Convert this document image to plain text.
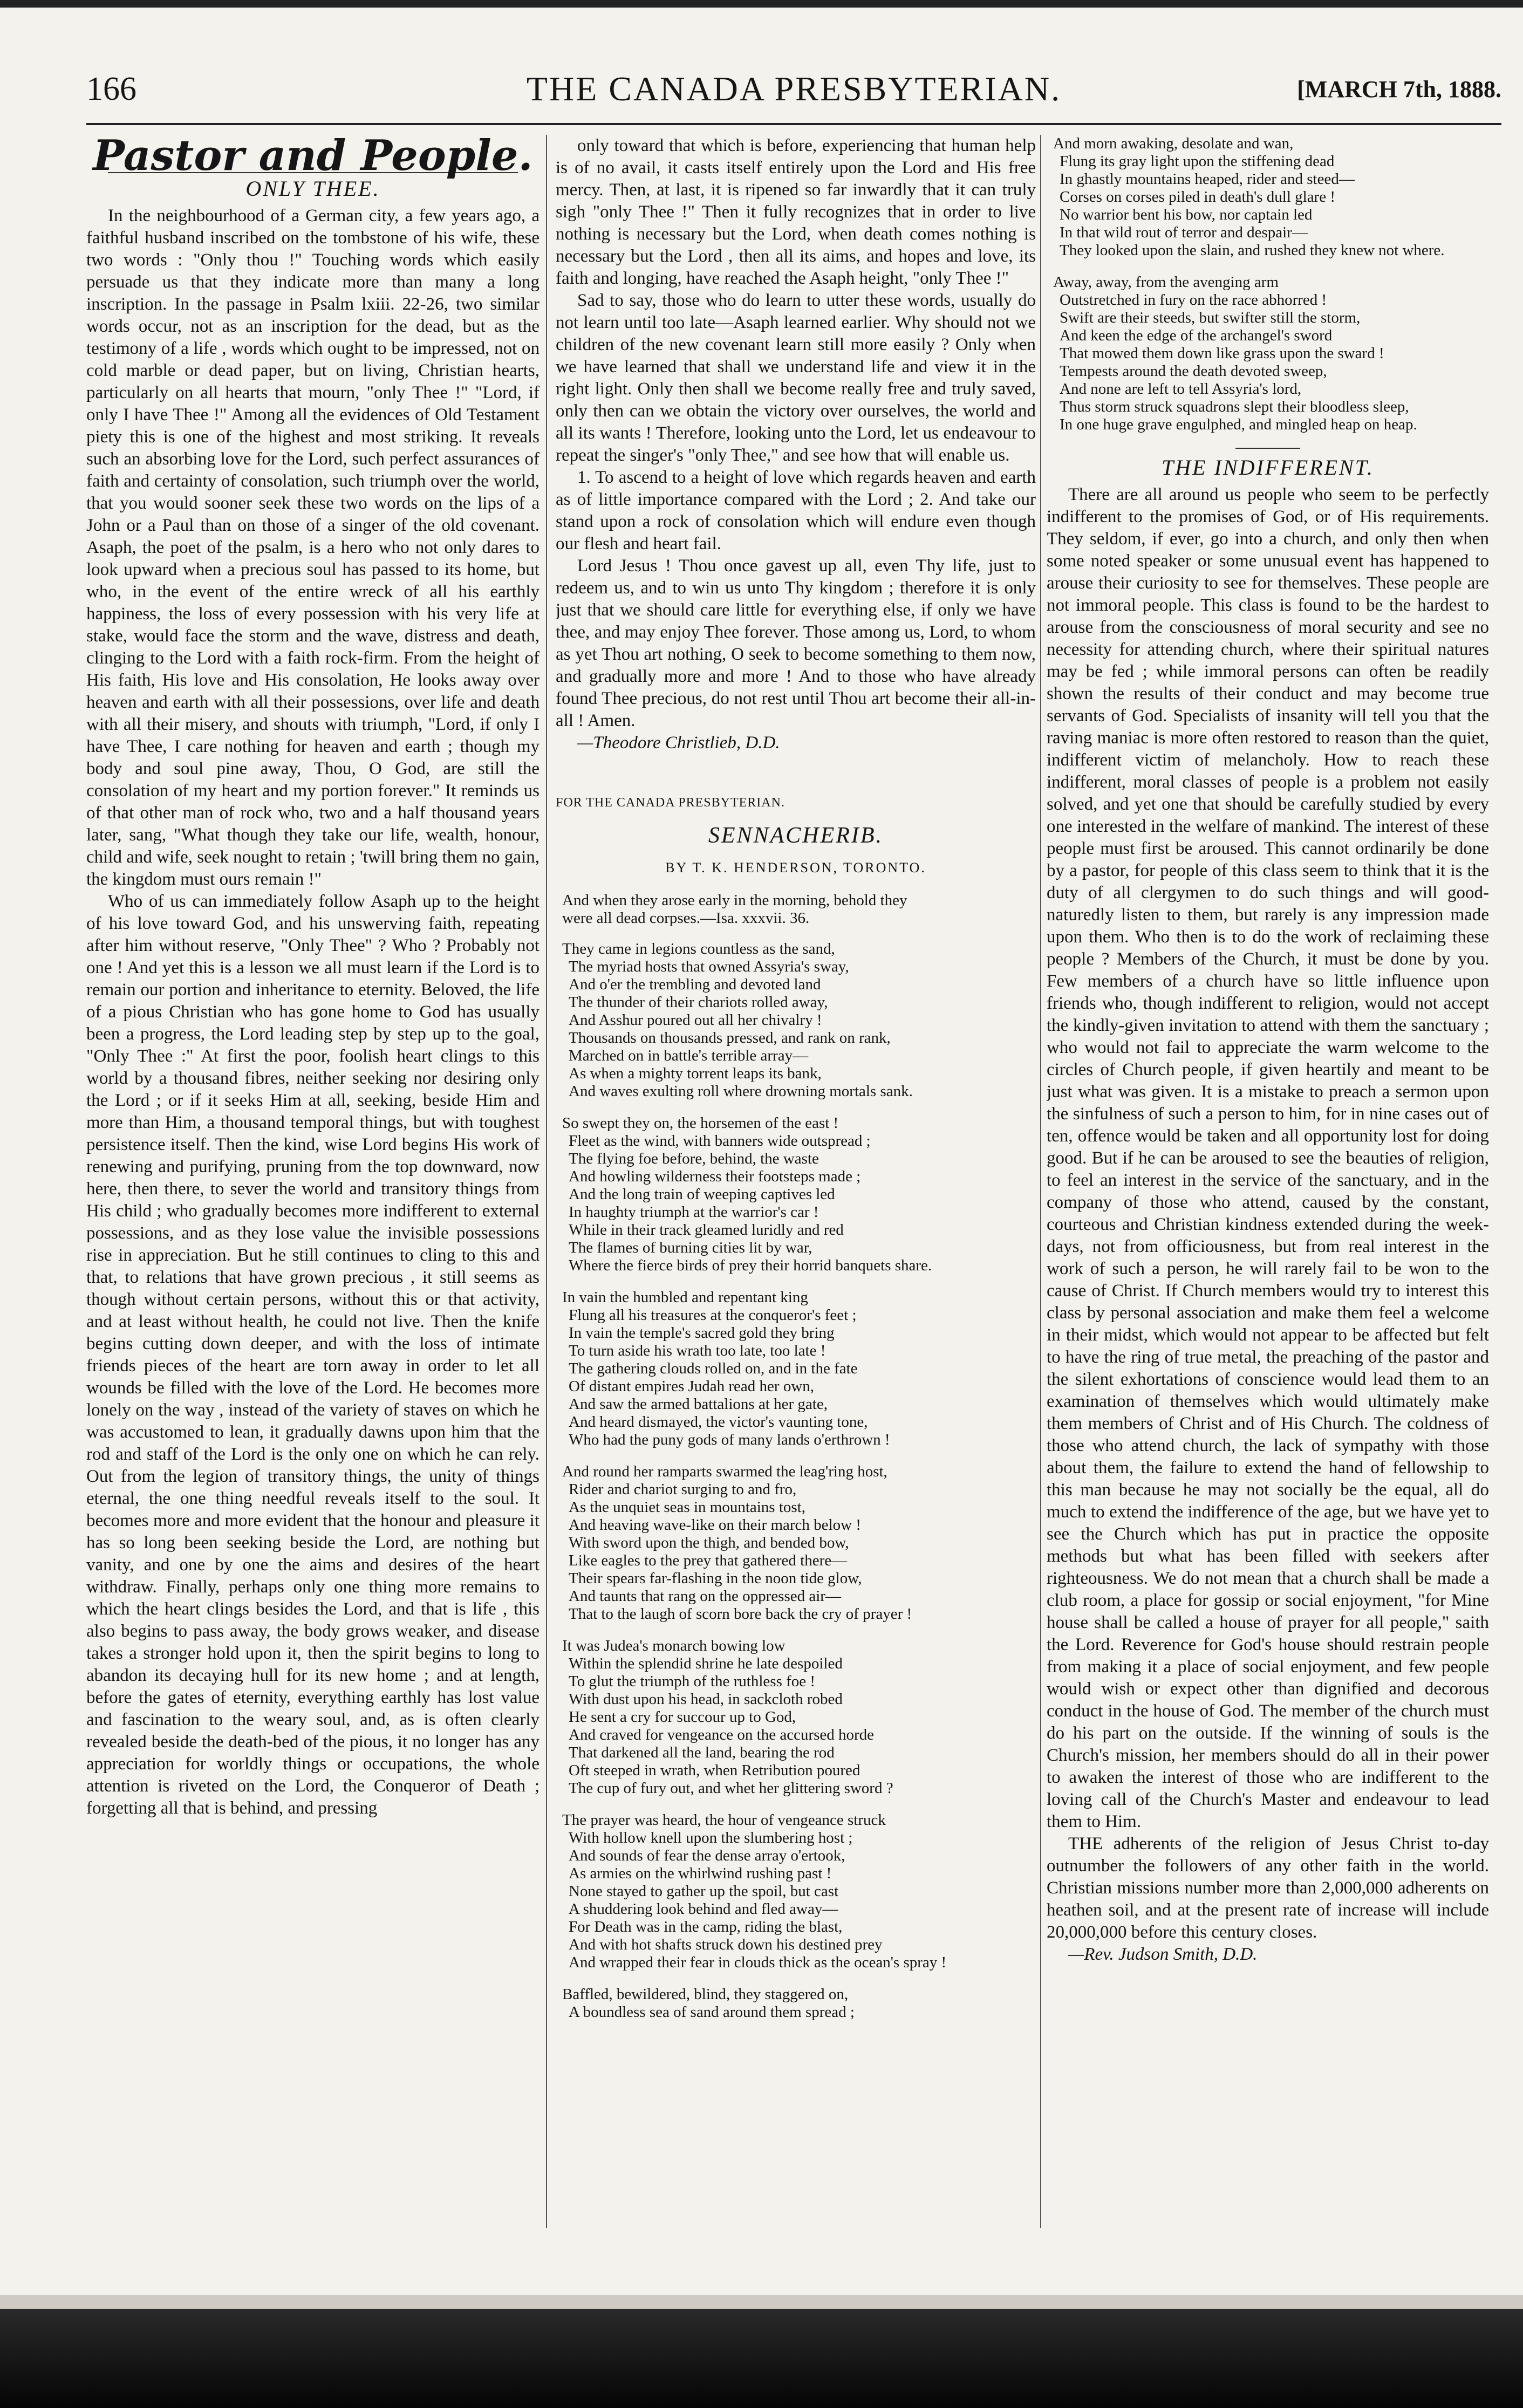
166	THE CANADA PRESBYTERIAN.	[MARCH 7th, 1888.
Pastor and People.
ONLY THEE.

In the neighbourhood of a German city, a few years ago, a faithful husband inscribed on the tombstone of his wife, these two words : "Only thou !" Touching words which easily persuade us that they indicate more than many a long inscription. In the passage in Psalm lxiii. 22-26, two similar words occur, not as an inscription for the dead, but as the testimony of a life , words which ought to be impressed, not on cold marble or dead paper, but on living, Christian hearts, particularly on all hearts that mourn, "only Thee !" "Lord, if only I have Thee !" Among all the evidences of Old Testament piety this is one of the highest and most striking. It reveals such an absorbing love for the Lord, such perfect assurances of faith and certainty of consolation, such triumph over the world, that you would sooner seek these two words on the lips of a John or a Paul than on those of a singer of the old covenant. Asaph, the poet of the psalm, is a hero who not only dares to look upward when a precious soul has passed to its home, but who, in the event of the entire wreck of all his earthly happiness, the loss of every possession with his very life at stake, would face the storm and the wave, distress and death, clinging to the Lord with a faith rock-firm. From the height of His faith, His love and His consolation, He looks away over heaven and earth with all their possessions, over life and death with all their misery, and shouts with triumph, "Lord, if only I have Thee, I care nothing for heaven and earth ; though my body and soul pine away, Thou, O God, are still the consolation of my heart and my portion forever." It reminds us of that other man of rock who, two and a half thousand years later, sang, "What though they take our life, wealth, honour, child and wife, seek nought to retain ; 'twill bring them no gain, the kingdom must ours remain !"

Who of us can immediately follow Asaph up to the height of his love toward God, and his unswerving faith, repeating after him without reserve, "Only Thee" ? Who ? Probably not one ! And yet this is a lesson we all must learn if the Lord is to remain our portion and inheritance to eternity. Beloved, the life of a pious Christian who has gone home to God has usually been a progress, the Lord leading step by step up to the goal, "Only Thee :" At first the poor, foolish heart clings to this world by a thousand fibres, neither seeking nor desiring only the Lord ; or if it seeks Him at all, seeking, beside Him and more than Him, a thousand temporal things, but with toughest persistence itself. Then the kind, wise Lord begins His work of renewing and purifying, pruning from the top downward, now here, then there, to sever the world and transitory things from His child ; who gradually becomes more indifferent to external possessions, and as they lose value the invisible possessions rise in appreciation. But he still continues to cling to this and that, to relations that have grown precious , it still seems as though without certain persons, without this or that activity, and at least without health, he could not live. Then the knife begins cutting down deeper, and with the loss of intimate friends pieces of the heart are torn away in order to let all wounds be filled with the love of the Lord. He becomes more lonely on the way , instead of the variety of staves on which he was accustomed to lean, it gradually dawns upon him that the rod and staff of the Lord is the only one on which he can rely. Out from the legion of transitory things, the unity of things eternal, the one thing needful reveals itself to the soul. It becomes more and more evident that the honour and pleasure it has so long been seeking beside the Lord, are nothing but vanity, and one by one the aims and desires of the heart withdraw. Finally, perhaps only one thing more remains to which the heart clings besides the Lord, and that is life , this also begins to pass away, the body grows weaker, and disease takes a stronger hold upon it, then the spirit begins to long to abandon its decaying hull for its new home ; and at length, before the gates of eternity, everything earthly has lost value and fascination to the weary soul, and, as is often clearly revealed beside the death-bed of the pious, it no longer has any appreciation for worldly things or occupations, the whole attention is riveted on the Lord, the Conqueror of Death ; forgetting all that is behind, and pressing

only toward that which is before, experiencing that human help is of no avail, it casts itself entirely upon the Lord and His free mercy. Then, at last, it is ripened so far inwardly that it can truly sigh "only Thee !" Then it fully recognizes that in order to live nothing is necessary but the Lord, when death comes nothing is necessary but the Lord , then all its aims, and hopes and love, its faith and longing, have reached the Asaph height, "only Thee !"

Sad to say, those who do learn to utter these words, usually do not learn until too late—Asaph learned earlier. Why should not we children of the new covenant learn still more easily ? Only when we have learned that shall we understand life and view it in the right light. Only then shall we become really free and truly saved, only then can we obtain the victory over ourselves, the world and all its wants ! Therefore, looking unto the Lord, let us endeavour to repeat the singer's "only Thee," and see how that will enable us.

1. To ascend to a height of love which regards heaven and earth as of little importance compared with the Lord ; 2. And take our stand upon a rock of consolation which will endure even though our flesh and heart fail.

Lord Jesus ! Thou once gavest up all, even Thy life, just to redeem us, and to win us unto Thy kingdom ; therefore it is only just that we should care little for everything else, if only we have thee, and may enjoy Thee forever. Those among us, Lord, to whom as yet Thou art nothing, O seek to become something to them now, and gradually more and more ! And to those who have already found Thee precious, do not rest until Thou art become their all-in-all ! Amen.

—Theodore Christlieb, D.D.
FOR THE CANADA PRESBYTERIAN.
SENNACHERIB.
BY T. K. HENDERSON, TORONTO.
And when they arose early in the morning, behold they
were all dead corpses.—Isa. xxxvii. 36.
They came in legions countless as the sand,
The myriad hosts that owned Assyria's sway,
And o'er the trembling and devoted land
The thunder of their chariots rolled away,
And Asshur poured out all her chivalry !
Thousands on thousands pressed, and rank on rank,
Marched on in battle's terrible array—
As when a mighty torrent leaps its bank,
And waves exulting roll where drowning mortals sank.
So swept they on, the horsemen of the east !
Fleet as the wind, with banners wide outspread ;
The flying foe before, behind, the waste
And howling wilderness their footsteps made ;
And the long train of weeping captives led
In haughty triumph at the warrior's car !
While in their track gleamed luridly and red
The flames of burning cities lit by war,
Where the fierce birds of prey their horrid banquets share.
In vain the humbled and repentant king
Flung all his treasures at the conqueror's feet ;
In vain the temple's sacred gold they bring
To turn aside his wrath too late, too late !
The gathering clouds rolled on, and in the fate
Of distant empires Judah read her own,
And saw the armed battalions at her gate,
And heard dismayed, the victor's vaunting tone,
Who had the puny gods of many lands o'erthrown !
And round her ramparts swarmed the leag'ring host,
Rider and chariot surging to and fro,
As the unquiet seas in mountains tost,
And heaving wave-like on their march below !
With sword upon the thigh, and bended bow,
Like eagles to the prey that gathered there—
Their spears far-flashing in the noon tide glow,
And taunts that rang on the oppressed air—
That to the laugh of scorn bore back the cry of prayer !
It was Judea's monarch bowing low
Within the splendid shrine he late despoiled
To glut the triumph of the ruthless foe !
With dust upon his head, in sackcloth robed
He sent a cry for succour up to God,
And craved for vengeance on the accursed horde
That darkened all the land, bearing the rod
Oft steeped in wrath, when Retribution poured
The cup of fury out, and whet her glittering sword ?
The prayer was heard, the hour of vengeance struck
With hollow knell upon the slumbering host ;
And sounds of fear the dense array o'ertook,
As armies on the whirlwind rushing past !
None stayed to gather up the spoil, but cast
A shuddering look behind and fled away—
For Death was in the camp, riding the blast,
And with hot shafts struck down his destined prey
And wrapped their fear in clouds thick as the ocean's spray !
Baffled, bewildered, blind, they staggered on,
A boundless sea of sand around them spread ;
And morn awaking, desolate and wan,
Flung its gray light upon the stiffening dead
In ghastly mountains heaped, rider and steed—
Corses on corses piled in death's dull glare !
No warrior bent his bow, nor captain led
In that wild rout of terror and despair—
They looked upon the slain, and rushed they knew not where.
Away, away, from the avenging arm
Outstretched in fury on the race abhorred !
Swift are their steeds, but swifter still the storm,
And keen the edge of the archangel's sword
That mowed them down like grass upon the sward !
Tempests around the death devoted sweep,
And none are left to tell Assyria's lord,
Thus storm struck squadrons slept their bloodless sleep,
In one huge grave engulphed, and mingled heap on heap.
THE INDIFFERENT.

There are all around us people who seem to be perfectly indifferent to the promises of God, or of His requirements. They seldom, if ever, go into a church, and only then when some noted speaker or some unusual event has happened to arouse their curiosity to see for themselves. These people are not immoral people. This class is found to be the hardest to arouse from the consciousness of moral security and see no necessity for attending church, where their spiritual natures may be fed ; while immoral persons can often be readily shown the results of their conduct and may become true servants of God. Specialists of insanity will tell you that the raving maniac is more often restored to reason than the quiet, indifferent victim of melancholy. How to reach these indifferent, moral classes of people is a problem not easily solved, and yet one that should be carefully studied by every one interested in the welfare of mankind. The interest of these people must first be aroused. This cannot ordinarily be done by a pastor, for people of this class seem to think that it is the duty of all clergymen to do such things and will good-naturedly listen to them, but rarely is any impression made upon them. Who then is to do the work of reclaiming these people ? Members of the Church, it must be done by you. Few members of a church have so little influence upon friends who, though indifferent to religion, would not accept the kindly-given invitation to attend with them the sanctuary ; who would not fail to appreciate the warm welcome to the circles of Church people, if given heartily and meant to be just what was given. It is a mistake to preach a sermon upon the sinfulness of such a person to him, for in nine cases out of ten, offence would be taken and all opportunity lost for doing good. But if he can be aroused to see the beauties of religion, to feel an interest in the service of the sanctuary, and in the company of those who attend, caused by the constant, courteous and Christian kindness extended during the week-days, not from officiousness, but from real interest in the work of such a person, he will rarely fail to be won to the cause of Christ. If Church members would try to interest this class by personal association and make them feel a welcome in their midst, which would not appear to be affected but felt to have the ring of true metal, the preaching of the pastor and the silent exhortations of conscience would lead them to an examination of themselves which would ultimately make them members of Christ and of His Church. The coldness of those who attend church, the lack of sympathy with those about them, the failure to extend the hand of fellowship to this man because he may not socially be the equal, all do much to extend the indifference of the age, but we have yet to see the Church which has put in practice the opposite methods but what has been filled with seekers after righteousness. We do not mean that a church shall be made a club room, a place for gossip or social enjoyment, "for Mine house shall be called a house of prayer for all people," saith the Lord. Reverence for God's house should restrain people from making it a place of social enjoyment, and few people would wish or expect other than dignified and decorous conduct in the house of God. The member of the church must do his part on the outside. If the winning of souls is the Church's mission, her members should do all in their power to awaken the interest of those who are indifferent to the loving call of the Church's Master and endeavour to lead them to Him.

THE adherents of the religion of Jesus Christ to-day outnumber the followers of any other faith in the world. Christian missions number more than 2,000,000 adherents on heathen soil, and at the present rate of increase will include 20,000,000 before this century closes.

—Rev. Judson Smith, D.D.
